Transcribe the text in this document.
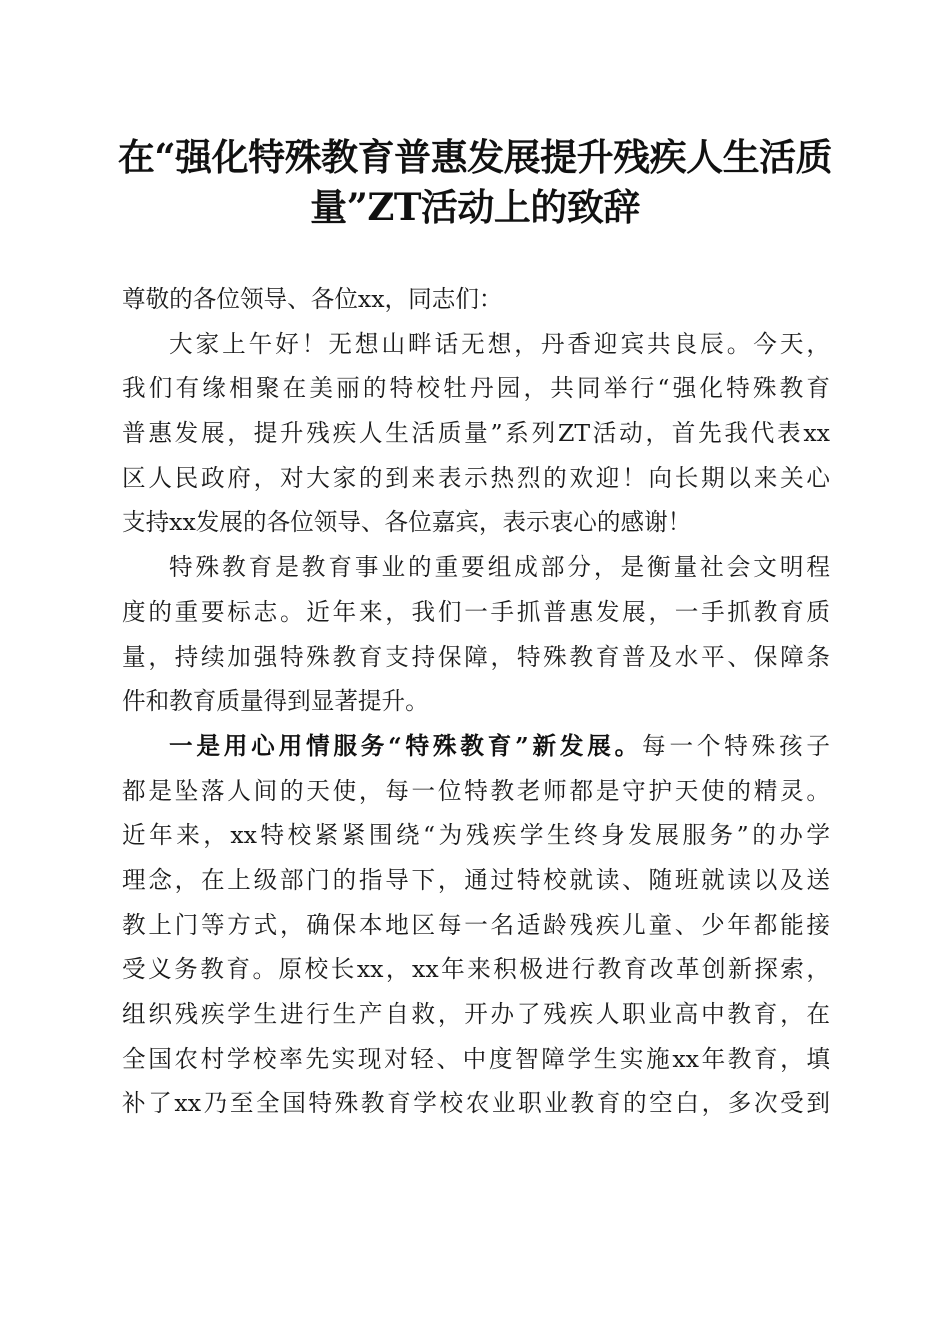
在“强化特殊教育普惠发展提升残疾人生活质
量”ZT活动上的致辞
尊敬的各位领导、各位xx，同志们：
大家上午好！无想山畔话无想，丹香迎宾共良辰。今天，
我们有缘相聚在美丽的特校牡丹园，共同举行“强化特殊教育
普惠发展，提升残疾人生活质量”系列ZT活动，首先我代表xx
区人民政府，对大家的到来表示热烈的欢迎！向长期以来关心
支持xx发展的各位领导、各位嘉宾，表示衷心的感谢！
特殊教育是教育事业的重要组成部分，是衡量社会文明程
度的重要标志。近年来，我们一手抓普惠发展，一手抓教育质
量，持续加强特殊教育支持保障，特殊教育普及水平、保障条
件和教育质量得到显著提升。
一是用心用情服务“特殊教育”新发展。每一个特殊孩子
都是坠落人间的天使，每一位特教老师都是守护天使的精灵。
近年来，xx特校紧紧围绕“为残疾学生终身发展服务”的办学
理念，在上级部门的指导下，通过特校就读、随班就读以及送
教上门等方式，确保本地区每一名适龄残疾儿童、少年都能接
受义务教育。原校长xx，xx年来积极进行教育改革创新探索，
组织残疾学生进行生产自救，开办了残疾人职业高中教育，在
全国农村学校率先实现对轻、中度智障学生实施xx年教育，填
补了xx乃至全国特殊教育学校农业职业教育的空白，多次受到
